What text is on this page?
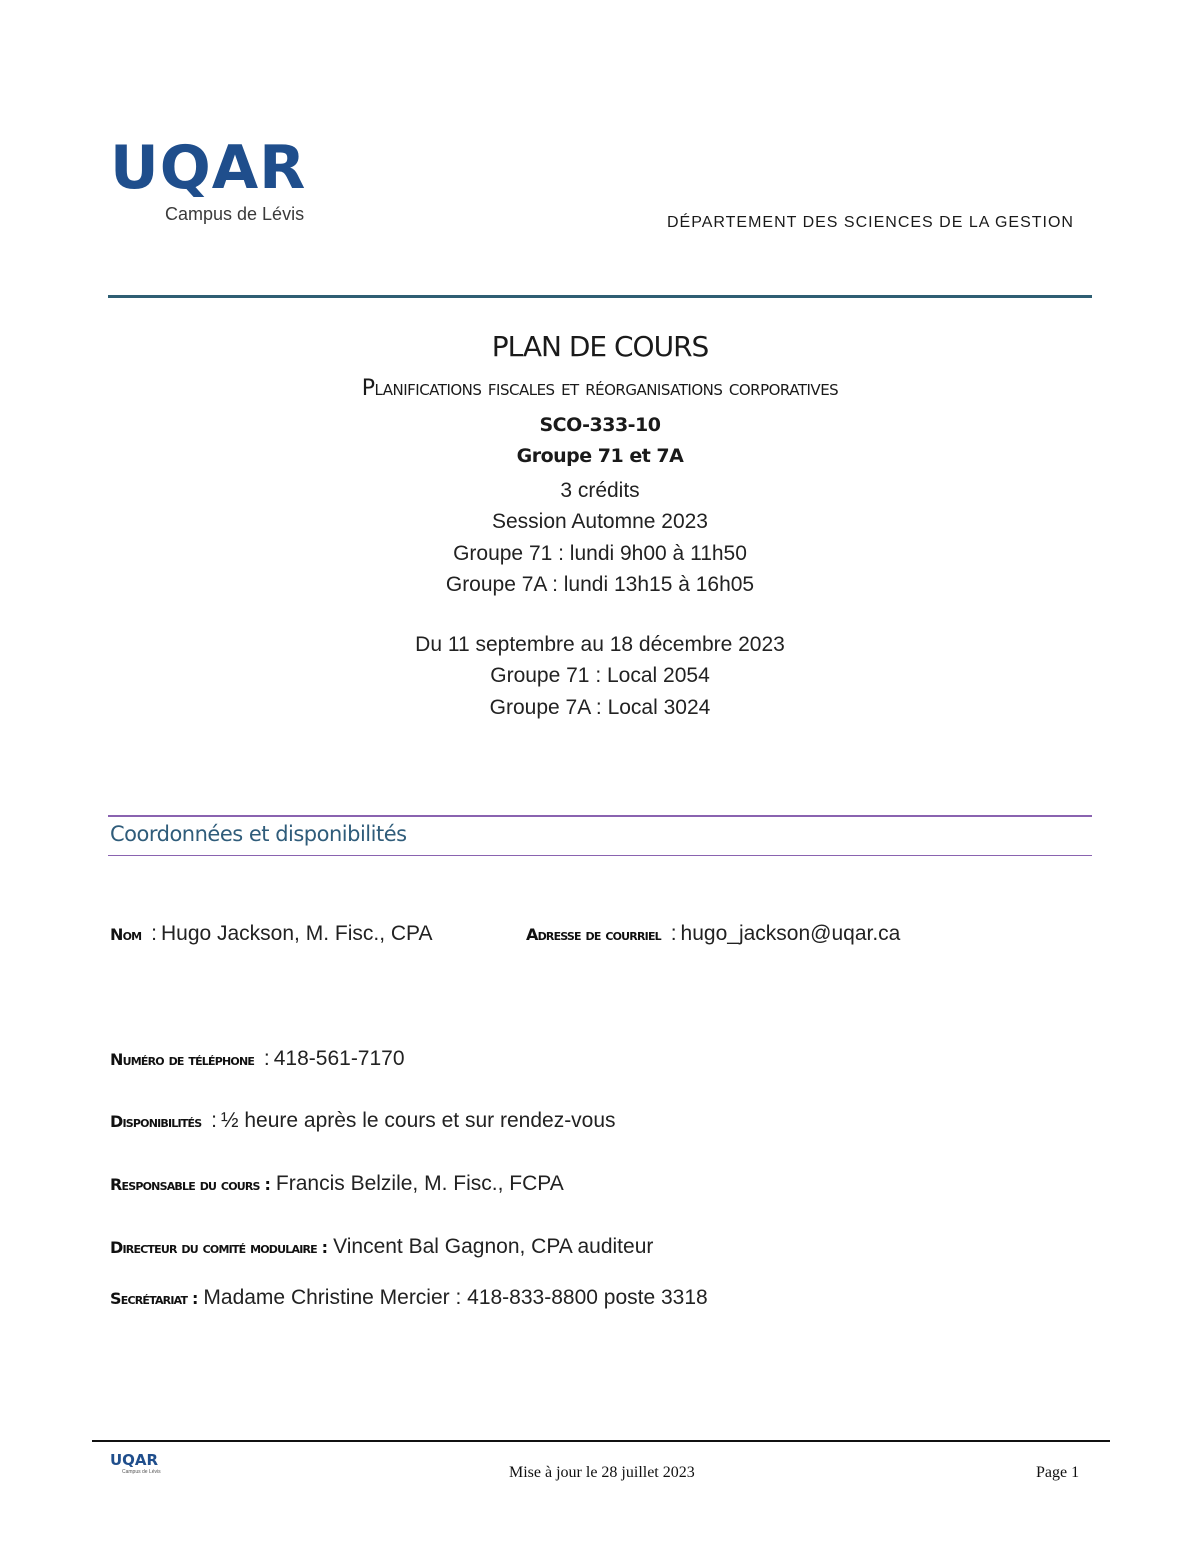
UQAR
Campus de Lévis	DÉPARTEMENT DES SCIENCES DE LA GESTION
PLAN DE COURS
Planifications fiscales et réorganisations corporatives
SCO-333-10
Groupe 71 et 7A
3 crédits
Session Automne 2023
Groupe 71 : lundi 9h00 à 11h50
Groupe 7A : lundi 13h15 à 16h05
Du 11 septembre au 18 décembre 2023
Groupe 71 : Local 2054
Groupe 7A : Local 3024
Coordonnées et disponibilités
Nom : Hugo Jackson, M. Fisc., CPA	Adresse de courriel : hugo_jackson@uqar.ca
Numéro de téléphone : 418-561-7170
Disponibilités : ½ heure après le cours et sur rendez-vous
Responsable du cours : Francis Belzile, M. Fisc., FCPA
Directeur du comité modulaire : Vincent Bal Gagnon, CPA auditeur
Secrétariat : Madame Christine Mercier : 418-833-8800 poste 3318
UQAR
Campus de Lévis	Mise à jour le 28 juillet 2023	Page 1
